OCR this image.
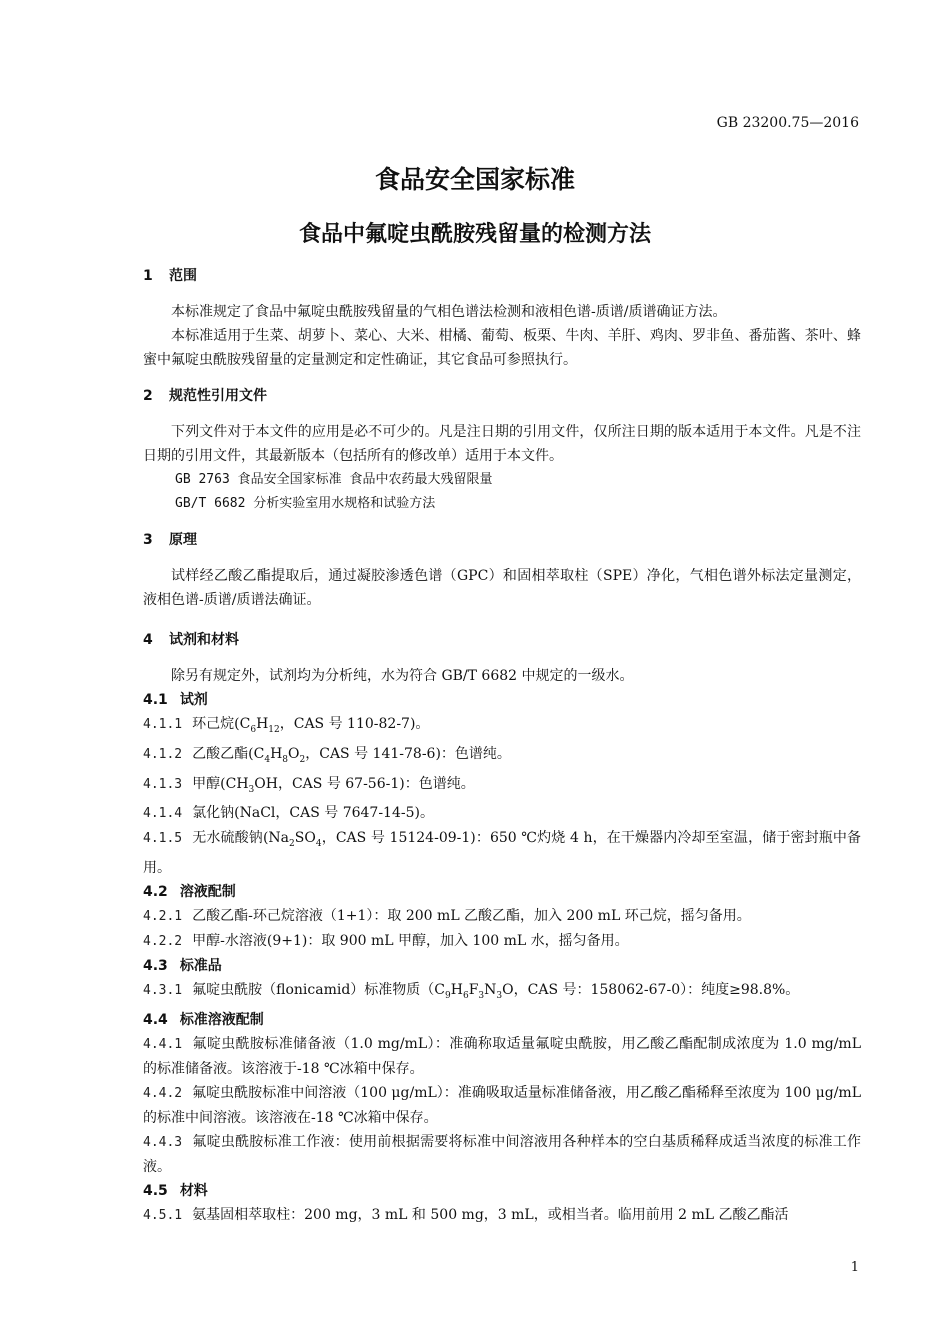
GB 23200.75—2016
食品安全国家标准
食品中氟啶虫酰胺残留量的检测方法

1 范围

本标准规定了食品中氟啶虫酰胺残留量的气相色谱法检测和液相色谱-质谱/质谱确证方法。

本标准适用于生菜、胡萝卜、菜心、大米、柑橘、葡萄、板栗、牛肉、羊肝、鸡肉、罗非鱼、番茄酱、茶叶、蜂蜜中氟啶虫酰胺残留量的定量测定和定性确证，其它食品可参照执行。

2 规范性引用文件

下列文件对于本文件的应用是必不可少的。凡是注日期的引用文件，仅所注日期的版本适用于本文件。凡是不注日期的引用文件，其最新版本（包括所有的修改单）适用于本文件。

GB 2763 食品安全国家标准 食品中农药最大残留限量

GB/T 6682 分析实验室用水规格和试验方法

3 原理

试样经乙酸乙酯提取后，通过凝胶渗透色谱（GPC）和固相萃取柱（SPE）净化，气相色谱外标法定量测定，液相色谱-质谱/质谱法确证。

4 试剂和材料

除另有规定外，试剂均为分析纯，水为符合 GB/T 6682 中规定的一级水。

4.1 试剂

4.1.1 环己烷($C_6H_{12}$，CAS 号 110-82-7)。

4.1.2 乙酸乙酯($C_4H_8O_2$，CAS 号 141-78-6)：色谱纯。

4.1.3 甲醇($CH_3OH$，CAS 号 67-56-1)：色谱纯。

4.1.4 氯化钠(NaCl，CAS 号 7647-14-5)。

4.1.5 无水硫酸钠($Na_2SO_4$，CAS 号 15124-09-1)：650 ℃灼烧 4 h，在干燥器内冷却至室温，储于密封瓶中备用。

4.2 溶液配制

4.2.1 乙酸乙酯-环己烷溶液（1+1）：取 200 mL 乙酸乙酯，加入 200 mL 环己烷，摇匀备用。

4.2.2 甲醇-水溶液(9+1)：取 900 mL 甲醇，加入 100 mL 水，摇匀备用。

4.3 标准品

4.3.1 氟啶虫酰胺（flonicamid）标准物质（$C_9H_6F_3N_3O$，CAS 号：158062-67-0）：纯度≥98.8%。

4.4 标准溶液配制

4.4.1 氟啶虫酰胺标准储备液（1.0 mg/mL）：准确称取适量氟啶虫酰胺，用乙酸乙酯配制成浓度为 1.0 mg/mL 的标准储备液。该溶液于-18 ℃冰箱中保存。

4.4.2 氟啶虫酰胺标准中间溶液（100 μg/mL）：准确吸取适量标准储备液，用乙酸乙酯稀释至浓度为 100 μg/mL 的标准中间溶液。该溶液在-18 ℃冰箱中保存。

4.4.3 氟啶虫酰胺标准工作液：使用前根据需要将标准中间溶液用各种样本的空白基质稀释成适当浓度的标准工作液。

4.5 材料

4.5.1 氨基固相萃取柱：200 mg，3 mL 和 500 mg，3 mL，或相当者。临用前用 2 mL 乙酸乙酯活

1
